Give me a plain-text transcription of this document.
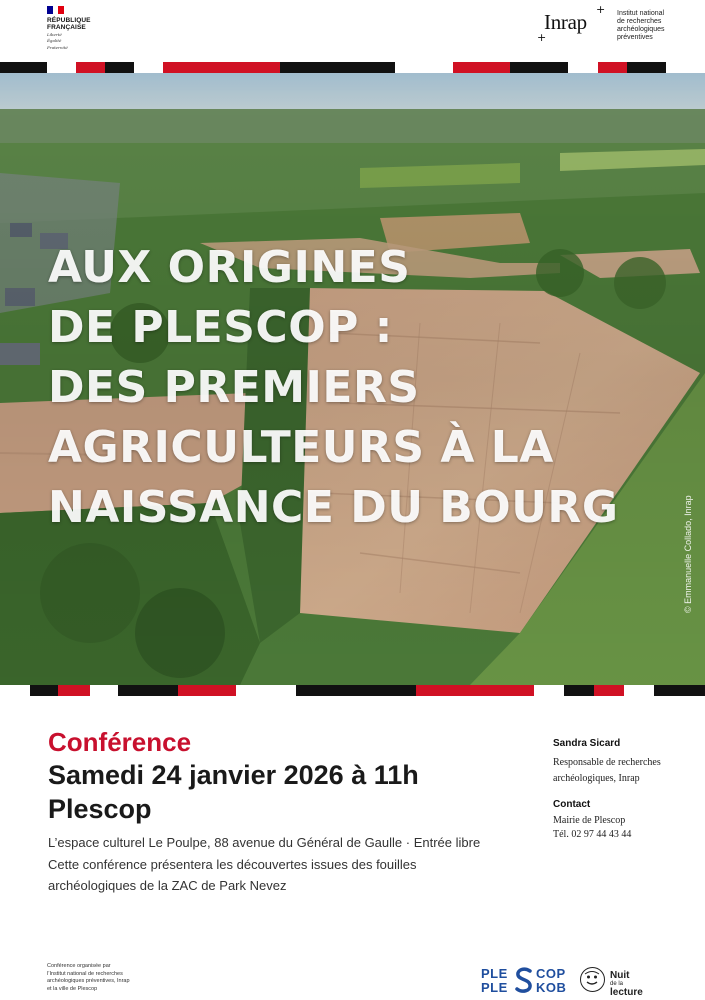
RÉPUBLIQUE
FRANÇAISE
Liberté
Égalité
Fraternité
+
+
Inrap	Institut national
de recherches
archéologiques
préventives
AUX ORIGINES
DE PLESCOP :
DES PREMIERS
AGRICULTEURS À LA
NAISSANCE DU BOURG	© Emmanuelle Collado, Inrap
Conférence
Samedi 24 janvier 2026 à 11h
Plescop
L’espace culturel Le Poulpe, 88 avenue du Général de Gaulle · Entrée libre
Cette conférence présentera les découvertes issues des fouilles
archéologiques de la ZAC de Park Nevez
Sandra Sicard
Responsable de recherches
archéologiques, Inrap
Contact
Mairie de Plescop
Tél. 02 97 44 43 44
Conférence organisée par
l’Institut national de recherches
archéologiques préventives, Inrap
et la ville de Plescop
PLE COP
PLE KOB
Nuit
de la
lecture
